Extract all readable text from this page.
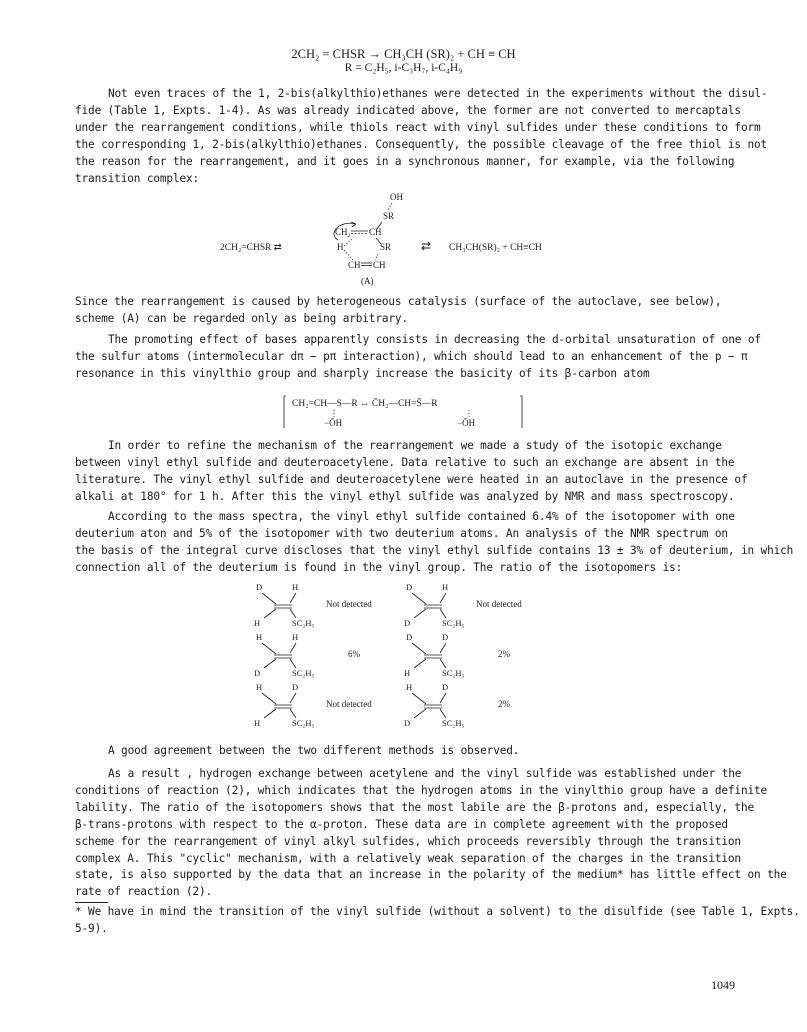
2CH₂ = CHSR → CH₃CH (SR)₂ + CH ≡ CH
R = C₂H₅, i-C₃H₇, i-C₄H₉
Not even traces of the 1, 2-bis(alkylthio)ethanes were detected in the experiments without the disul-
fide (Table 1, Expts. 1-4). As was already indicated above, the former are not converted to mercaptals
under the rearrangement conditions, while thiols react with vinyl sulfides under these conditions to form
the corresponding 1, 2-bis(alkylthio)ethanes. Consequently, the possible cleavage of the free thiol is not
the reason for the rearrangement, and it goes in a synchronous manner, for example, via the following
transition complex:
OH
SR
CH₂ CH
2CH₂=CHSR ⇄	H	SR ⇄ CH₃CH(SR)₂ + CH≡CH
CH CH
(A)
Since the rearrangement is caused by heterogeneous catalysis (surface of the autoclave, see below),
scheme (A) can be regarded only as being arbitrary.
The promoting effect of bases apparently consists in decreasing the d-orbital unsaturation of one of
the sulfur atoms (intermolecular dπ − pπ interaction), which should lead to an enhancement of the p − π
resonance in this vinylthio group and sharply increase the basicity of its β-carbon atom
CH₂=CH—S—R ↔ C̄H₂—CH=S̄—R
−ŌH	−ŌH
In order to refine the mechanism of the rearrangement we made a study of the isotopic exchange
between vinyl ethyl sulfide and deuteroacetylene. Data relative to such an exchange are absent in the
literature. The vinyl ethyl sulfide and deuteroacetylene were heated in an autoclave in the presence of
alkali at 180° for 1 h. After this the vinyl ethyl sulfide was analyzed by NMR and mass spectroscopy.
According to the mass spectra, the vinyl ethyl sulfide contained 6.4% of the isotopomer with one
deuterium aton and 5% of the isotopomer with two deuterium atoms. An analysis of the NMR spectrum on
the basis of the integral curve discloses that the vinyl ethyl sulfide contains 13 ± 3% of deuterium, in which
connection all of the deuterium is found in the vinyl group. The ratio of the isotopomers is:
D	H
H	SC₂H₅
Not detected
D	H
D	SC₂H₅
Not detected
H	H
D	SC₂H₅
6%
D	D
H	SC₂H₅
2%
H	D
H	SC₂H₅
Not detected
H	D
D	SC₂H₅
2%
A good agreement between the two different methods is observed.
As a result , hydrogen exchange between acetylene and the vinyl sulfide was established under the
conditions of reaction (2), which indicates that the hydrogen atoms in the vinylthio group have a definite
lability. The ratio of the isotopomers shows that the most labile are the β-protons and, especially, the
β-trans-protons with respect to the α-proton. These data are in complete agreement with the proposed
scheme for the rearrangement of vinyl alkyl sulfides, which proceeds reversibly through the transition
complex A. This "cyclic" mechanism, with a relatively weak separation of the charges in the transition
state, is also supported by the data that an increase in the polarity of the medium* has little effect on the
rate of reaction (2).
* We have in mind the transition of the vinyl sulfide (without a solvent) to the disulfide (see Table 1, Expts.
5-9).
1049
